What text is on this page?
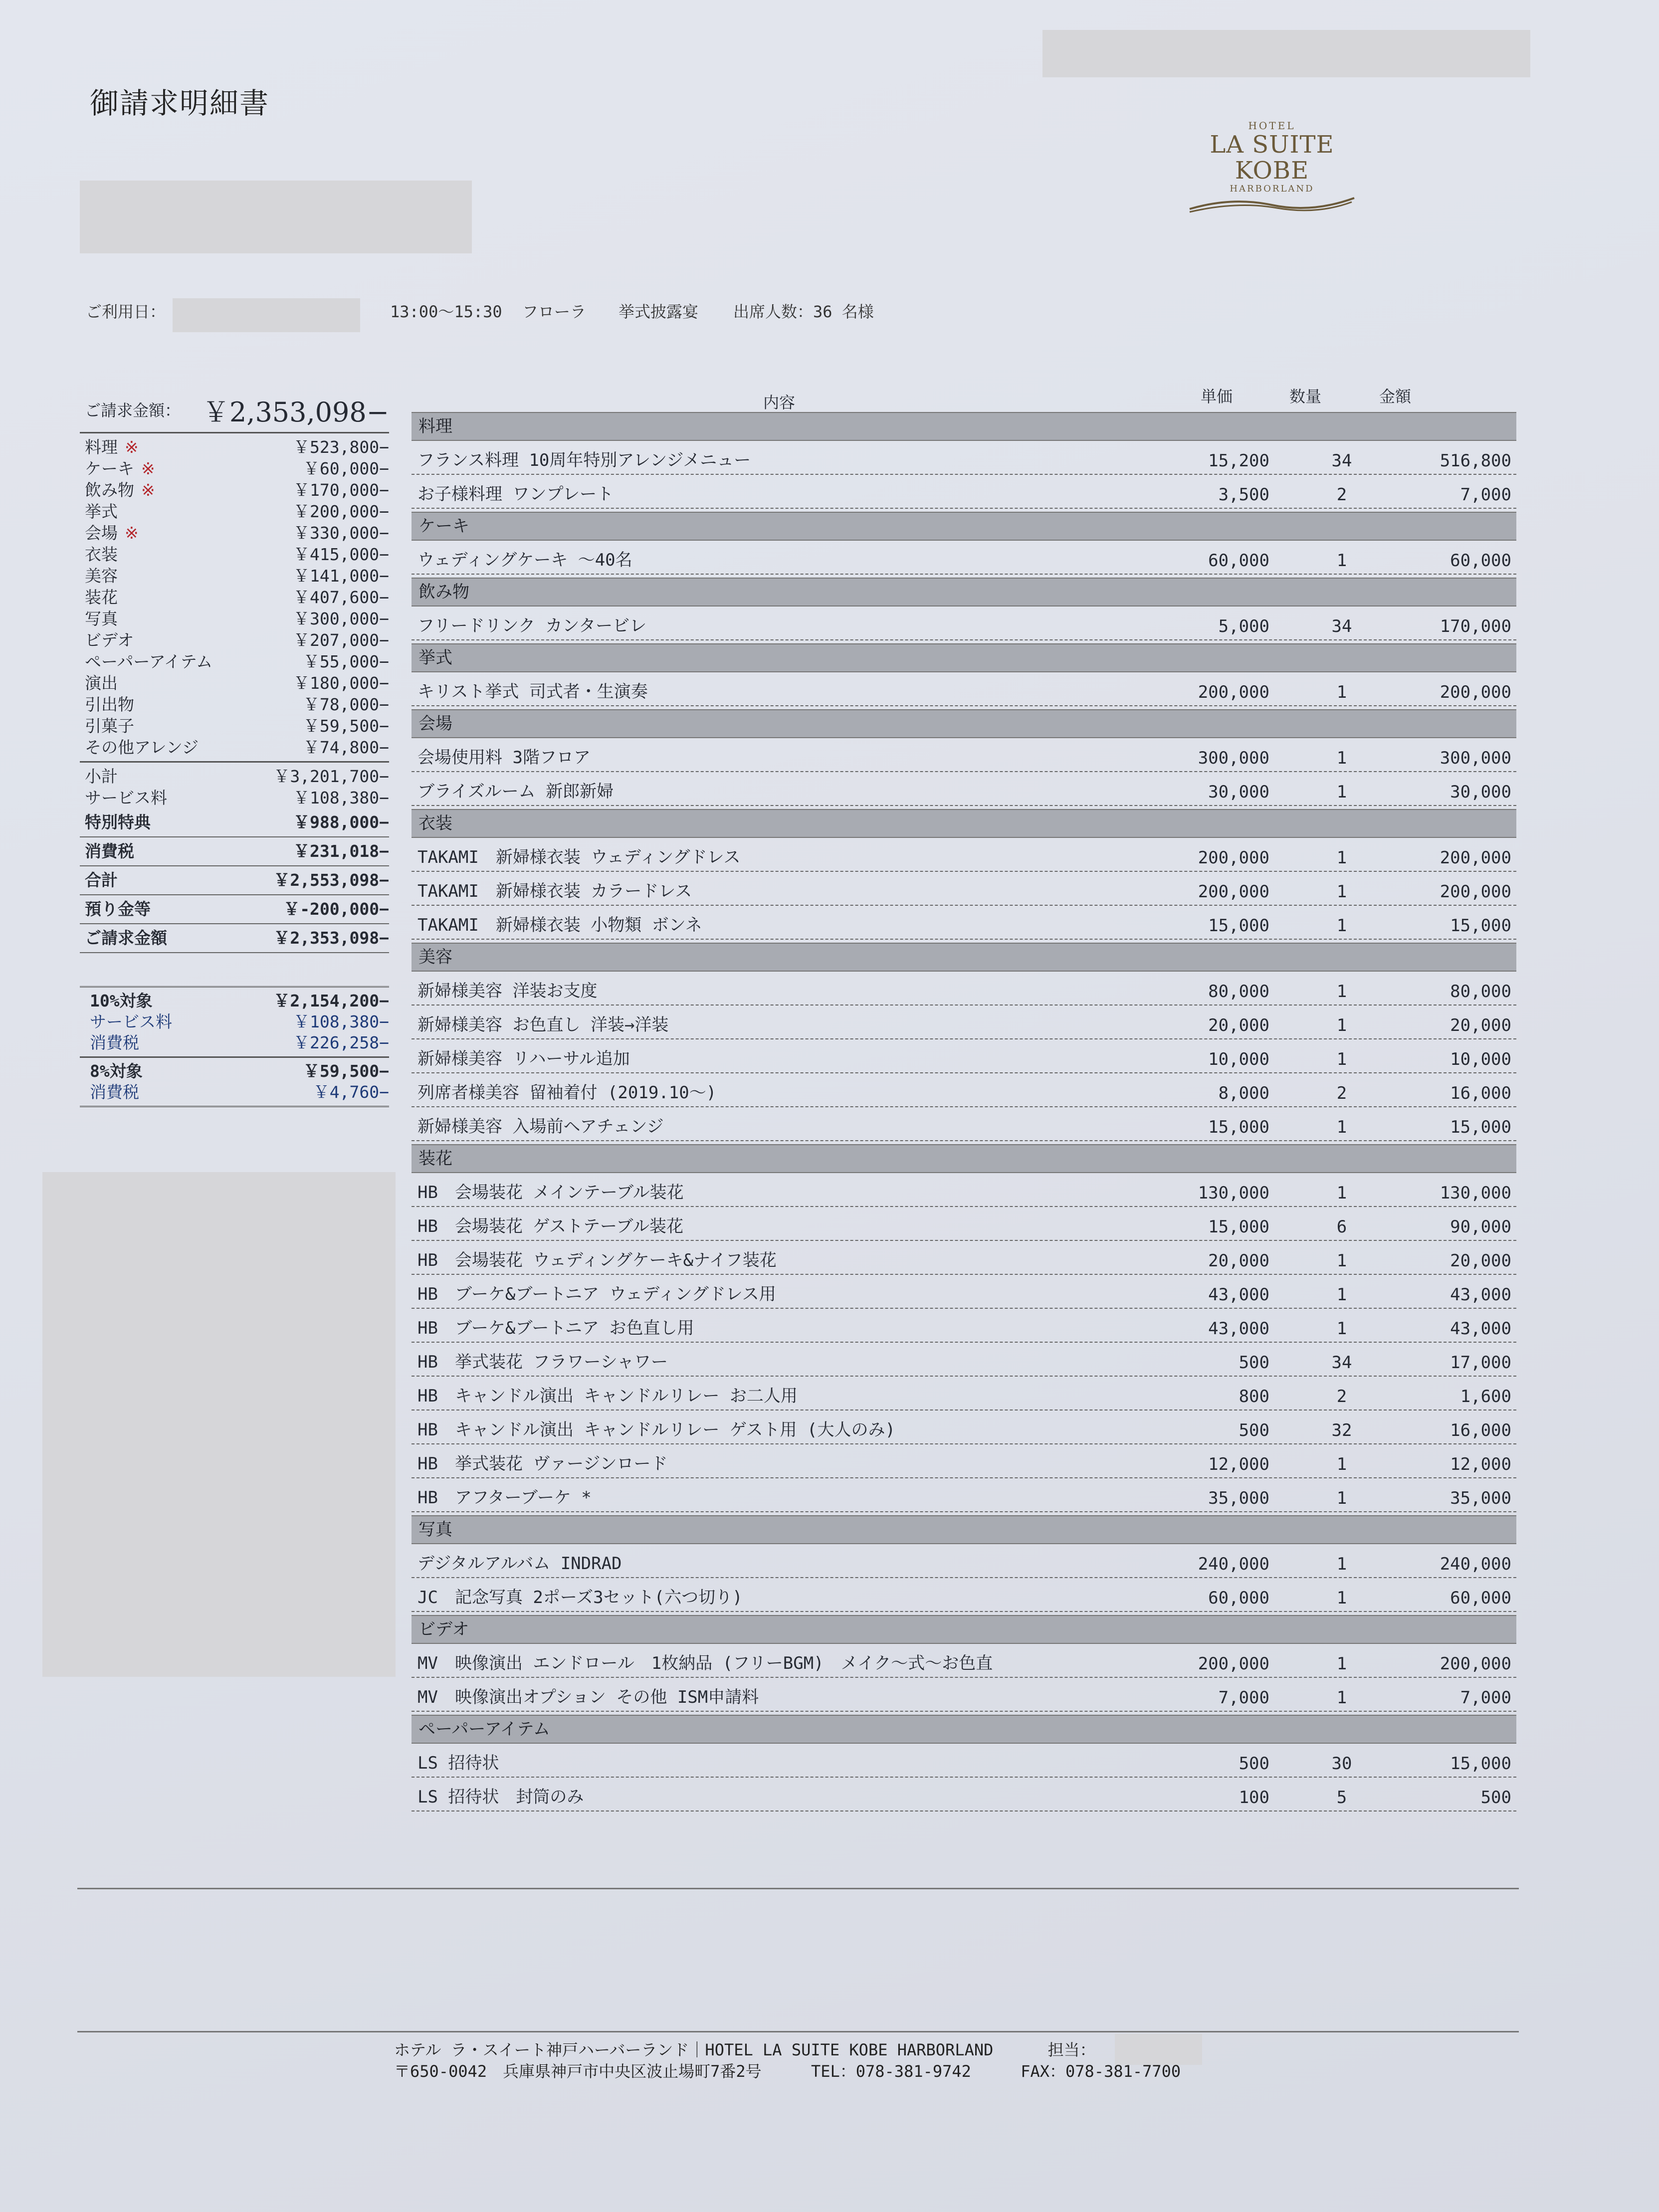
御請求明細書
HOTEL
LA SUITE KOBE
HARBORLAND
ご利用日：	13:00〜15:30 フローラ 挙式披露宴 出席人数：36 名様
ご請求金額： ￥2,353,098−
料理 ※	￥523,800−
ケーキ ※	￥60,000−
飲み物 ※	￥170,000−
挙式	￥200,000−
会場 ※	￥330,000−
衣装	￥415,000−
美容	￥141,000−
装花	￥407,600−
写真	￥300,000−
ビデオ	￥207,000−
ペーパーアイテム	￥55,000−
演出	￥180,000−
引出物	￥78,000−
引菓子	￥59,500−
その他アレンジ	￥74,800−
小計	￥3,201,700−
サービス料	￥108,380−
特別特典	￥988,000−
消費税	￥231,018−
合計	￥2,553,098−
預り金等	￥-200,000−
ご請求金額	￥2,353,098−
10%対象	￥2,154,200−
サービス料	￥108,380−
消費税	￥226,258−
8%対象	￥59,500−
消費税	￥4,760−
内容	単価	数量	金額
料理
フランス料理 10周年特別アレンジメニュー	15,200	34	516,800
お子様料理 ワンプレート	3,500	2	7,000
ケーキ
ウェディングケーキ 〜40名	60,000	1	60,000
飲み物
フリードリンク カンタービレ	5,000	34	170,000
挙式
キリスト挙式 司式者・生演奏	200,000	1	200,000
会場
会場使用料 3階フロア	300,000	1	300,000
ブライズルーム 新郎新婦	30,000	1	30,000
衣装
TAKAMI　新婦様衣装 ウェディングドレス	200,000	1	200,000
TAKAMI　新婦様衣装 カラードレス	200,000	1	200,000
TAKAMI　新婦様衣装 小物類 ボンネ	15,000	1	15,000
美容
新婦様美容 洋装お支度	80,000	1	80,000
新婦様美容 お色直し 洋装→洋装	20,000	1	20,000
新婦様美容 リハーサル追加	10,000	1	10,000
列席者様美容 留袖着付 (2019.10〜)	8,000	2	16,000
新婦様美容 入場前ヘアチェンジ	15,000	1	15,000
装花
HB　会場装花 メインテーブル装花	130,000	1	130,000
HB　会場装花 ゲストテーブル装花	15,000	6	90,000
HB　会場装花 ウェディングケーキ&ナイフ装花	20,000	1	20,000
HB　ブーケ&ブートニア ウェディングドレス用	43,000	1	43,000
HB　ブーケ&ブートニア お色直し用	43,000	1	43,000
HB　挙式装花 フラワーシャワー	500	34	17,000
HB　キャンドル演出 キャンドルリレー お二人用	800	2	1,600
HB　キャンドル演出 キャンドルリレー ゲスト用 (大人のみ)	500	32	16,000
HB　挙式装花 ヴァージンロード	12,000	1	12,000
HB　アフターブーケ *	35,000	1	35,000
写真
デジタルアルバム INDRAD	240,000	1	240,000
JC　記念写真 2ポーズ3セット(六つ切り)	60,000	1	60,000
ビデオ
MV　映像演出 エンドロール　1枚納品 (フリーBGM)　メイク〜式〜お色直	200,000	1	200,000
MV　映像演出オプション その他 ISM申請料	7,000	1	7,000
ペーパーアイテム
LS 招待状	500	30	15,000
LS 招待状　封筒のみ	100	5	500
ホテル ラ・スイート神戸ハーバーランド｜HOTEL LA SUITE KOBE HARBORLAND	担当：
〒650-0042　兵庫県神戸市中央区波止場町7番2号	TEL：078-381-9742	FAX：078-381-7700
